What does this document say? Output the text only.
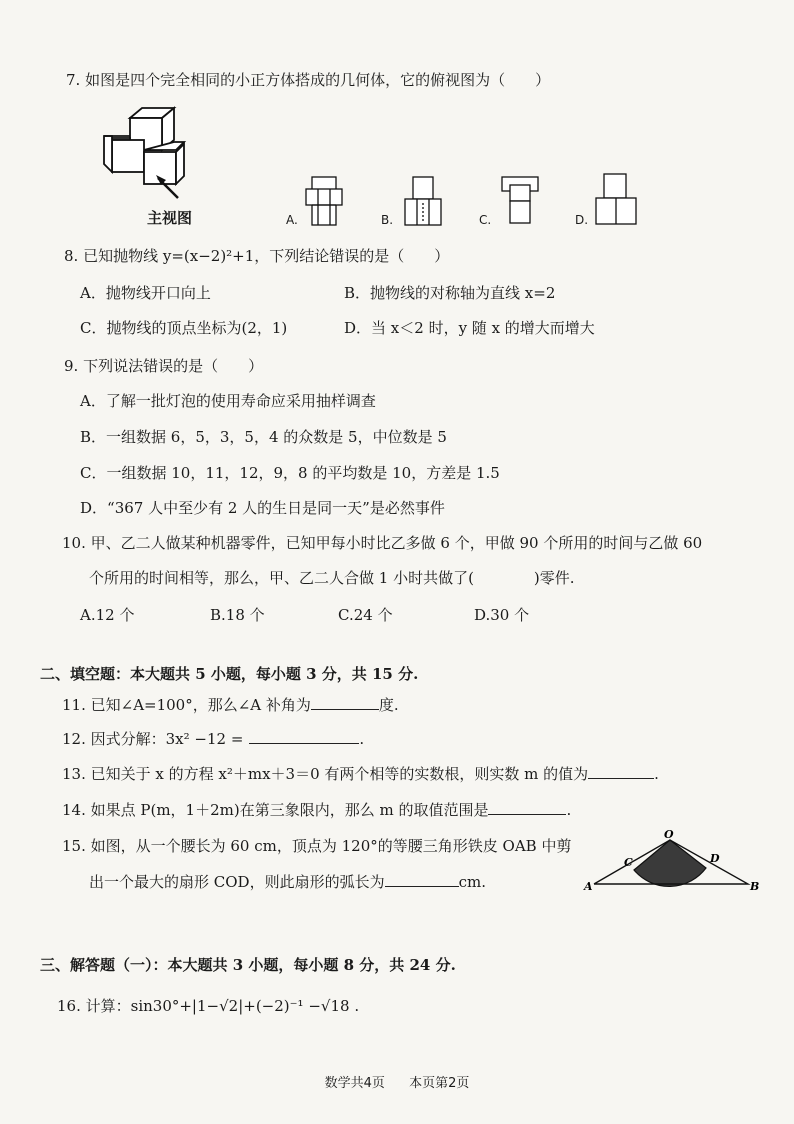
7. 如图是四个完全相同的小正方体搭成的几何体，它的俯视图为（　　）
主视图	A.	B.	C.	D.
8. 已知抛物线 y=(x−2)²+1，下列结论错误的是（　　）
A．抛物线开口向上	B．抛物线的对称轴为直线 x=2
C．抛物线的顶点坐标为(2，1)	D．当 x＜2 时，y 随 x 的增大而增大
9. 下列说法错误的是（　　）
A．了解一批灯泡的使用寿命应采用抽样调查
B．一组数据 6，5，3，5，4 的众数是 5，中位数是 5
C．一组数据 10，11，12，9，8 的平均数是 10，方差是 1.5
D．“367 人中至少有 2 人的生日是同一天”是必然事件
10. 甲、乙二人做某种机器零件，已知甲每小时比乙多做 6 个，甲做 90 个所用的时间与乙做 60
个所用的时间相等，那么，甲、乙二人合做 1 小时共做了(　　　　)零件.
A.12 个	B.18 个	C.24 个	D.30 个
二、填空题：本大题共 5 小题，每小题 3 分，共 15 分.
11. 已知∠A=100°，那么∠A 补角为	度.
12. 因式分解：3x² −12 =	.
13. 已知关于 x 的方程 x²＋mx＋3＝0 有两个相等的实数根，则实数 m 的值为	.
14. 如果点 P(m，1＋2m)在第三象限内，那么 m 的取值范围是	.
15. 如图，从一个腰长为 60 cm，顶点为 120°的等腰三角形铁皮 OAB 中剪
出一个最大的扇形 COD，则此扇形的弧长为	cm.
O
A	B
C	D
三、解答题（一）：本大题共 3 小题，每小题 8 分，共 24 分.
16. 计算：sin30°+|1−√2|+(−2)⁻¹ −√18 .
数学共4页 本页第2页
